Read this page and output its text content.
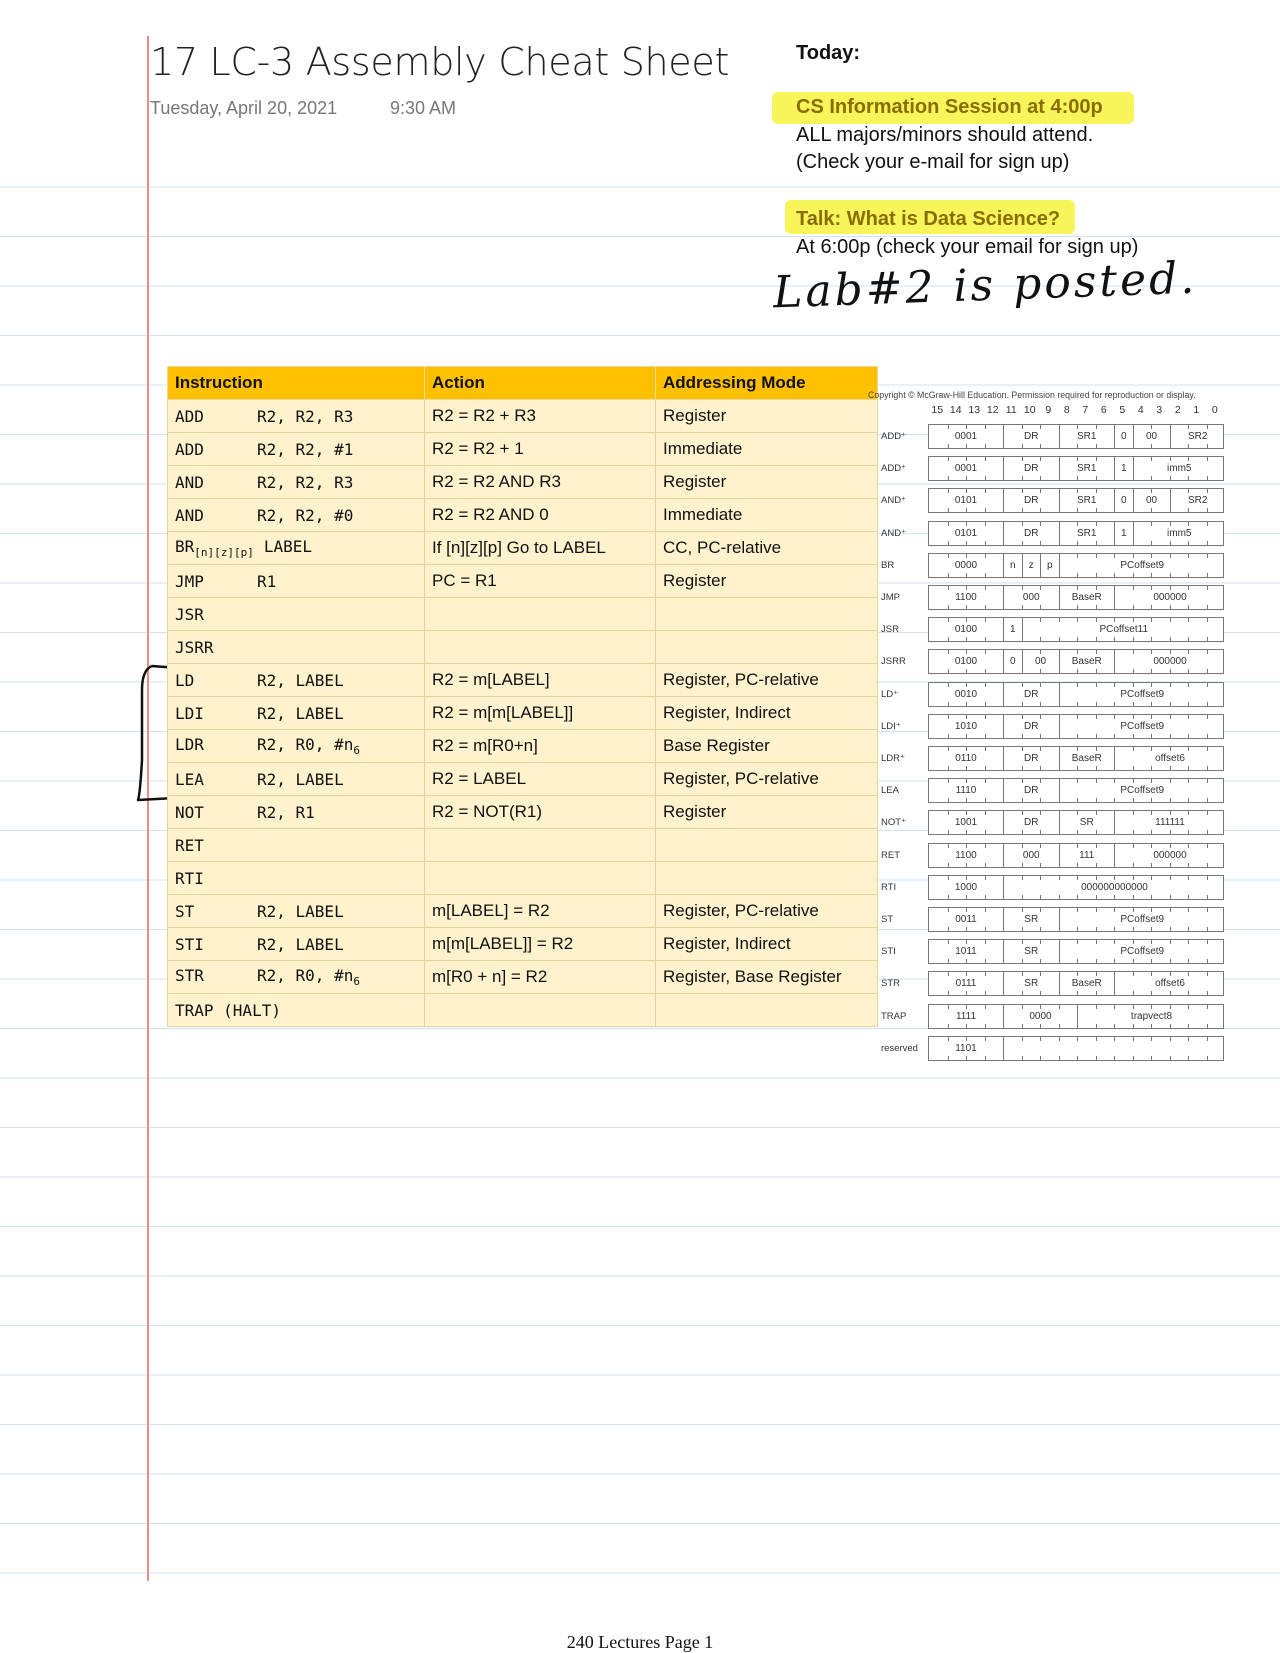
17 LC-3 Assembly Cheat Sheet
Tuesday, April 20, 2021	9:30 AM
Today:
CS Information Session at 4:00p
ALL majors/minors should attend.
(Check your e-mail for sign up)
Talk: What is Data Science?
At 6:00p (check your email for sign up)
Lab#2 is posted.
Instruction	Action	Addressing Mode
ADD R2, R2, R3	R2 = R2 + R3	Register
ADD R2, R2, #1	R2 = R2 + 1	Immediate
AND R2, R2, R3	R2 = R2 AND R3	Register
AND R2, R2, #0	R2 = R2 AND 0	Immediate
$BR_{[n][z][p]}$ LABEL	If [n][z][p] Go to LABEL	CC, PC-relative
JMP R1	PC = R1	Register
JSR		
JSRR		
LD R2, LABEL	R2 = m[LABEL]	Register, PC-relative
LDI R2, LABEL	R2 = m[m[LABEL]]	Register, Indirect
LDR R2, R0, $\#n_6$	R2 = m[R0+n]	Base Register
LEA R2, LABEL	R2 = LABEL	Register, PC-relative
NOT R2, R1	R2 = NOT(R1)	Register
RET		
RTI		
ST R2, LABEL	m[LABEL] = R2	Register, PC-relative
STI R2, LABEL	m[m[LABEL]] = R2	Register, Indirect
STR R2, R0, $\#n_6$	m[R0 + n] = R2	Register, Base Register
TRAP (HALT)		
Copyright © McGraw-Hill Education. Permission required for reproduction or display.
15 14 13 12 11 10 9 8 7 6 5 4 3 2 1 0
ADD⁺	0001	DR	SR1	0	00	SR2
ADD⁺	0001	DR	SR1	1	imm5
AND⁺	0101	DR	SR1	0	00	SR2
AND⁺	0101	DR	SR1	1	imm5
BR	0000	n	z	p	PCoffset9
JMP	1100	000	BaseR	000000
JSR	0100	1	PCoffset11
JSRR	0100	0	00	BaseR	000000
LD⁺	0010	DR	PCoffset9
LDI⁺	1010	DR	PCoffset9
LDR⁺	0110	DR	BaseR	offset6
LEA	1110	DR	PCoffset9
NOT⁺	1001	DR	SR	111111
RET	1100	000	111	000000
RTI	1000	000000000000
ST	0011	SR	PCoffset9
STI	1011	SR	PCoffset9
STR	0111	SR	BaseR	offset6
TRAP	1111	0000	trapvect8
reserved	1101
240 Lectures Page 1
